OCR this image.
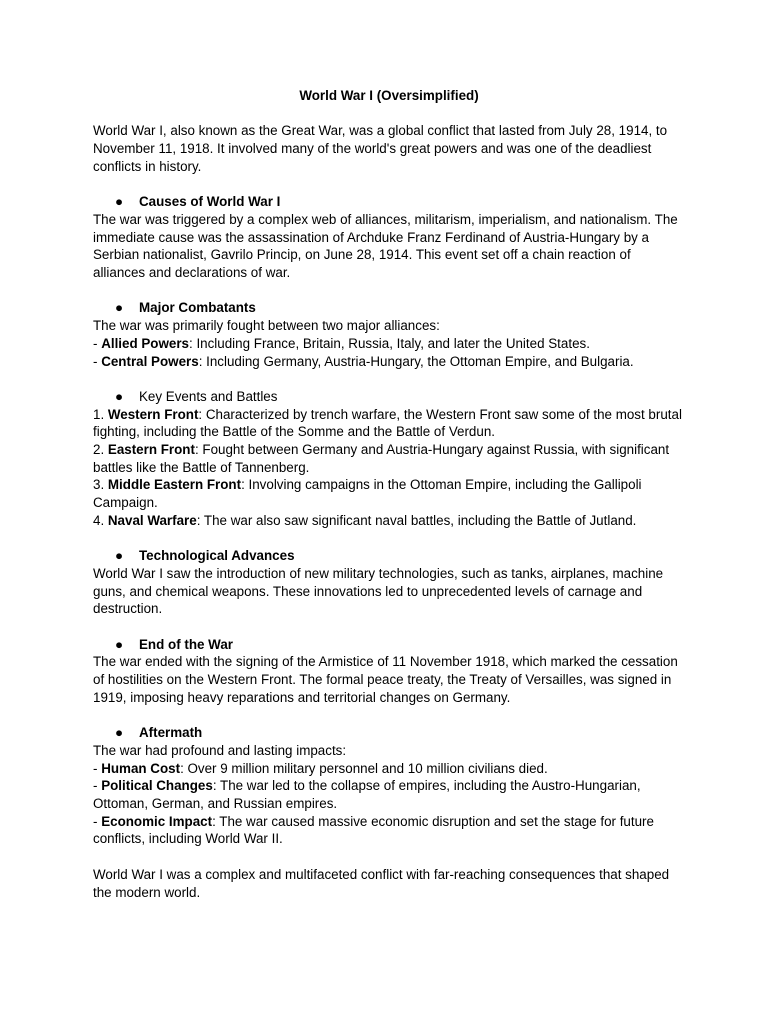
World War I (Oversimplified)

World War I, also known as the Great War, was a global conflict that lasted from July 28, 1914, to November 11, 1918. It involved many of the world's great powers and was one of the deadliest conflicts in history.

●	Causes of World War I

The war was triggered by a complex web of alliances, militarism, imperialism, and nationalism. The immediate cause was the assassination of Archduke Franz Ferdinand of Austria-Hungary by a Serbian nationalist, Gavrilo Princip, on June 28, 1914. This event set off a chain reaction of alliances and declarations of war.

●	Major Combatants

The war was primarily fought between two major alliances:

- Allied Powers: Including France, Britain, Russia, Italy, and later the United States.

- Central Powers: Including Germany, Austria-Hungary, the Ottoman Empire, and Bulgaria.

●	Key Events and Battles

1. Western Front: Characterized by trench warfare, the Western Front saw some of the most brutal fighting, including the Battle of the Somme and the Battle of Verdun.

2. Eastern Front: Fought between Germany and Austria-Hungary against Russia, with significant battles like the Battle of Tannenberg.

3. Middle Eastern Front: Involving campaigns in the Ottoman Empire, including the Gallipoli Campaign.

4. Naval Warfare: The war also saw significant naval battles, including the Battle of Jutland.

●	Technological Advances

World War I saw the introduction of new military technologies, such as tanks, airplanes, machine guns, and chemical weapons. These innovations led to unprecedented levels of carnage and destruction.

●	End of the War

The war ended with the signing of the Armistice of 11 November 1918, which marked the cessation of hostilities on the Western Front. The formal peace treaty, the Treaty of Versailles, was signed in 1919, imposing heavy reparations and territorial changes on Germany.

●	Aftermath

The war had profound and lasting impacts:

- Human Cost: Over 9 million military personnel and 10 million civilians died.

- Political Changes: The war led to the collapse of empires, including the Austro-Hungarian, Ottoman, German, and Russian empires.

- Economic Impact: The war caused massive economic disruption and set the stage for future conflicts, including World War II.

World War I was a complex and multifaceted conflict with far-reaching consequences that shaped the modern world.
